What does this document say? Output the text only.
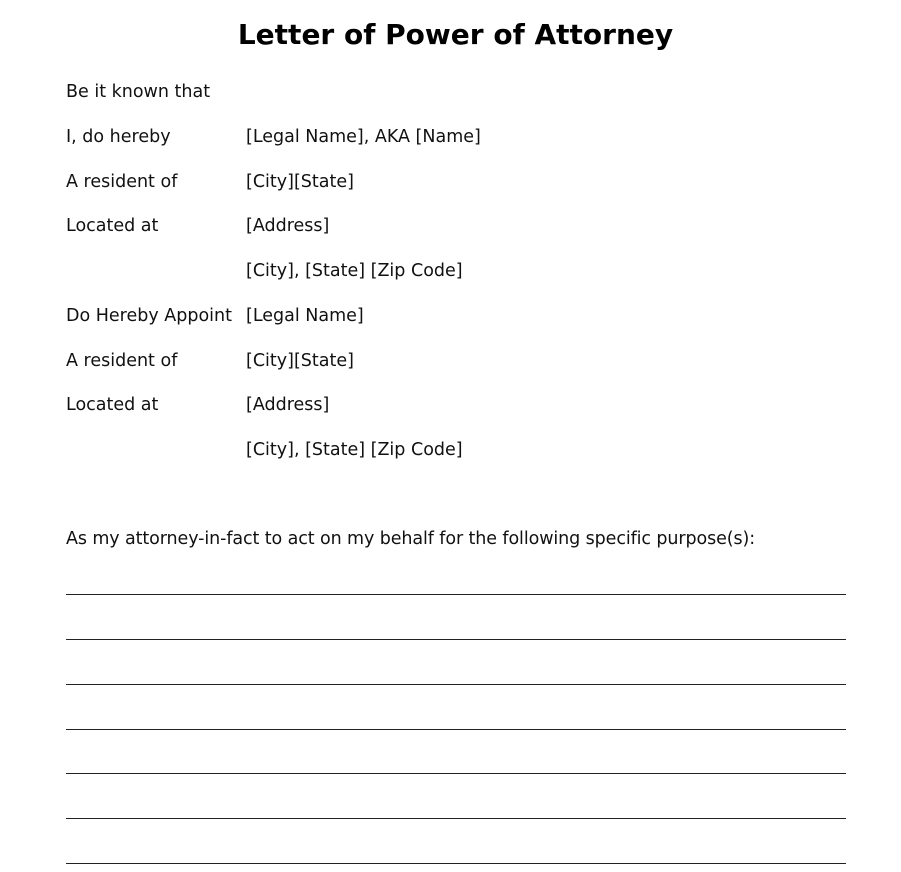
Letter of Power of Attorney
Be it known that
I, do hereby	[Legal Name], AKA [Name]
A resident of	[City][State]
Located at	[Address]
[City], [State] [Zip Code]
Do Hereby Appoint [Legal Name]
A resident of	[City][State]
Located at	[Address]
[City], [State] [Zip Code]
As my attorney-in-fact to act on my behalf for the following specific purpose(s):
